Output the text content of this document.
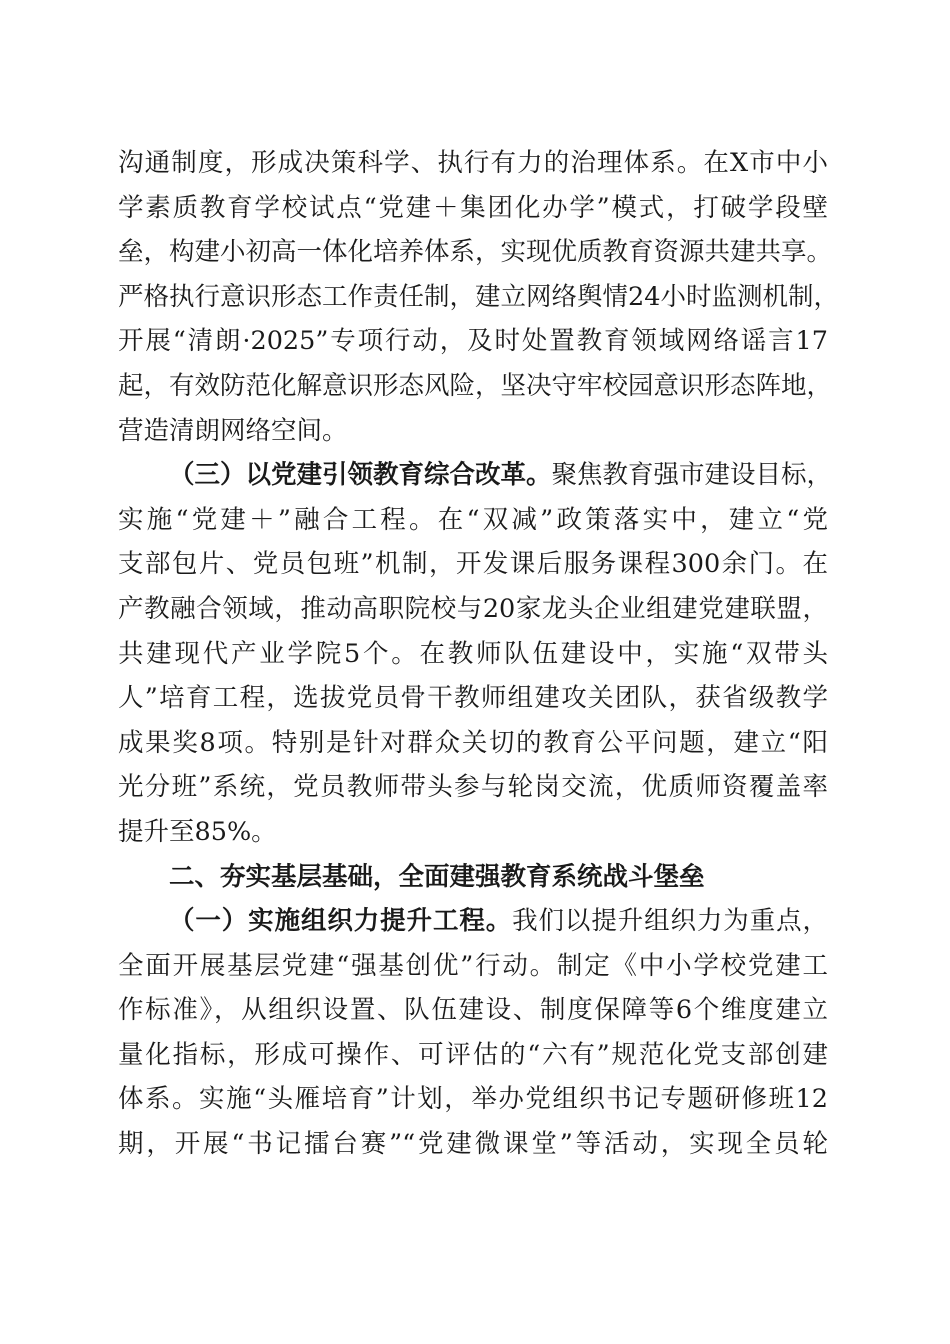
沟通制度，形成决策科学、执行有力的治理体系。在X市中小
学素质教育学校试点“党建＋集团化办学”模式，打破学段壁
垒，构建小初高一体化培养体系，实现优质教育资源共建共享。
严格执行意识形态工作责任制，建立网络舆情24小时监测机制，
开展“清朗·2025”专项行动，及时处置教育领域网络谣言17
起，有效防范化解意识形态风险，坚决守牢校园意识形态阵地，
营造清朗网络空间。
（三）以党建引领教育综合改革。聚焦教育强市建设目标，
实施“党建＋”融合工程。在“双减”政策落实中，建立“党
支部包片、党员包班”机制，开发课后服务课程300余门。在
产教融合领域，推动高职院校与20家龙头企业组建党建联盟，
共建现代产业学院5个。在教师队伍建设中，实施“双带头
人”培育工程，选拔党员骨干教师组建攻关团队，获省级教学
成果奖8项。特别是针对群众关切的教育公平问题，建立“阳
光分班”系统，党员教师带头参与轮岗交流，优质师资覆盖率
提升至85%。
二、夯实基层基础，全面建强教育系统战斗堡垒
（一）实施组织力提升工程。我们以提升组织力为重点，
全面开展基层党建“强基创优”行动。制定《中小学校党建工
作标准》，从组织设置、队伍建设、制度保障等6个维度建立
量化指标，形成可操作、可评估的“六有”规范化党支部创建
体系。实施“头雁培育”计划，举办党组织书记专题研修班12
期，开展“书记擂台赛”“党建微课堂”等活动，实现全员轮
